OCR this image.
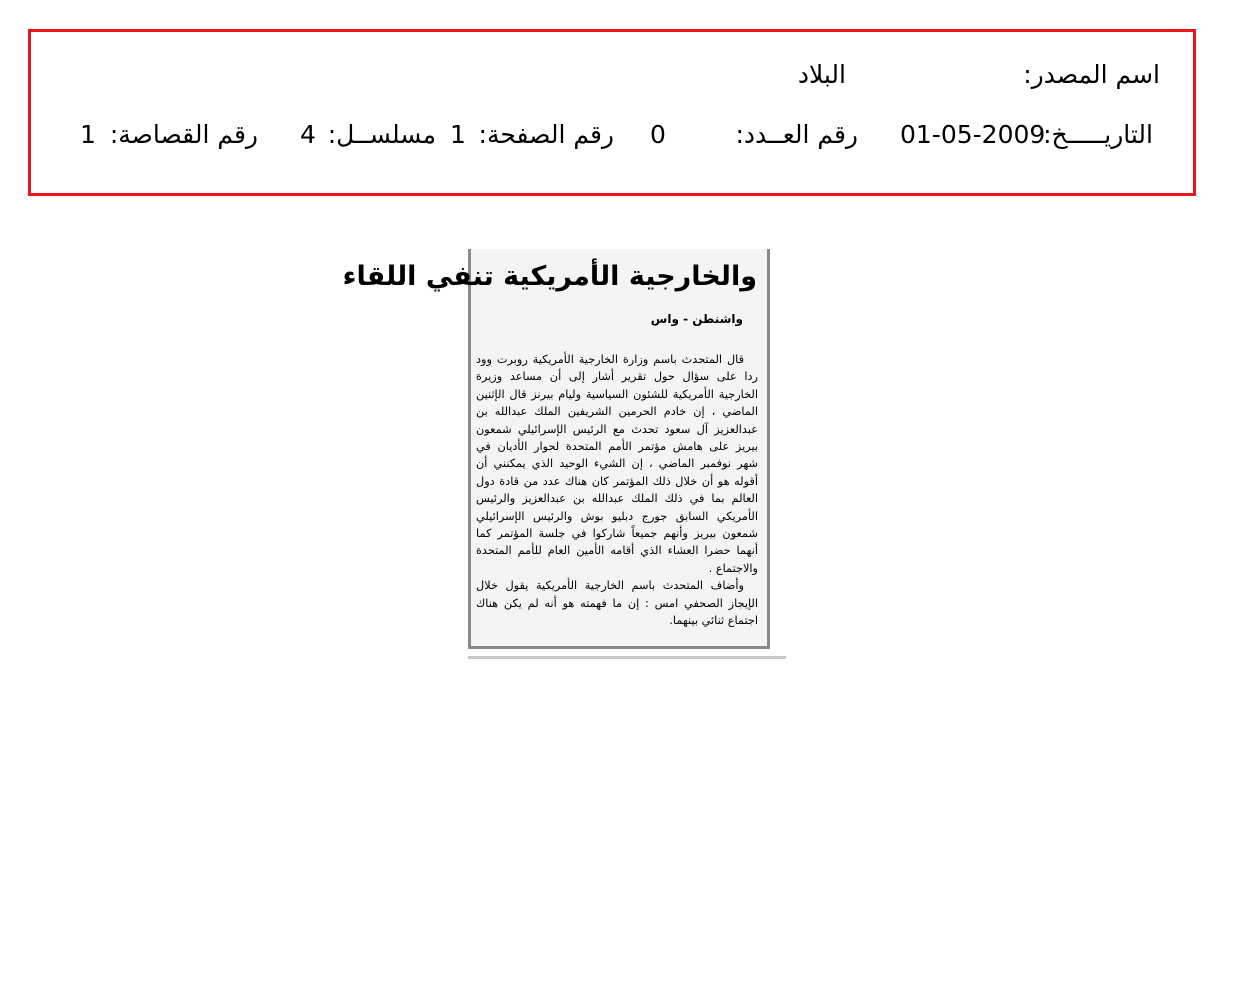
اسم المصدر:
البلاد
التاريـــــخ:
01-05-2009
رقم العــدد:
0
رقم الصفحة:
1
مسلســل:
4
رقم القصاصة:
1
والخارجية الأمريكية تنفي اللقاء
واشنطن - واس

قال المتحدث باسم وزارة الخارجية الأمريكية روبرت وود ردا على سؤال حول تقرير أشار إلى أن مساعد وزيرة الخارجية الأمريكية للشئون السياسية وليام بيرنز قال الإثنين الماضي ، إن خادم الحرمين الشريفين الملك عبدالله بن عبدالعزيز آل سعود تحدث مع الرئيس الإسرائيلي شمعون بيريز على هامش مؤتمر الأمم المتحدة لحوار الأديان في شهر نوفمبر الماضي ، إن الشيء الوحيد الذي يمكنني أن أقوله هو أن خلال ذلك المؤتمر كان هناك عدد من قادة دول العالم بما في ذلك الملك عبدالله بن عبدالعزيز والرئيس الأمريكي السابق جورج دبليو بوش والرئيس الإسرائيلي شمعون بيريز وأنهم جميعاً شاركوا في جلسة المؤتمر كما أنهما حضرا العشاء الذي أقامه الأمين العام للأمم المتحدة والاجتماع .

وأضاف المتحدث باسم الخارجية الأمريكية يقول خلال الإيجاز الصحفي امس : إن ما فهمته هو أنه لم يكن هناك اجتماع ثنائي بينهما.
